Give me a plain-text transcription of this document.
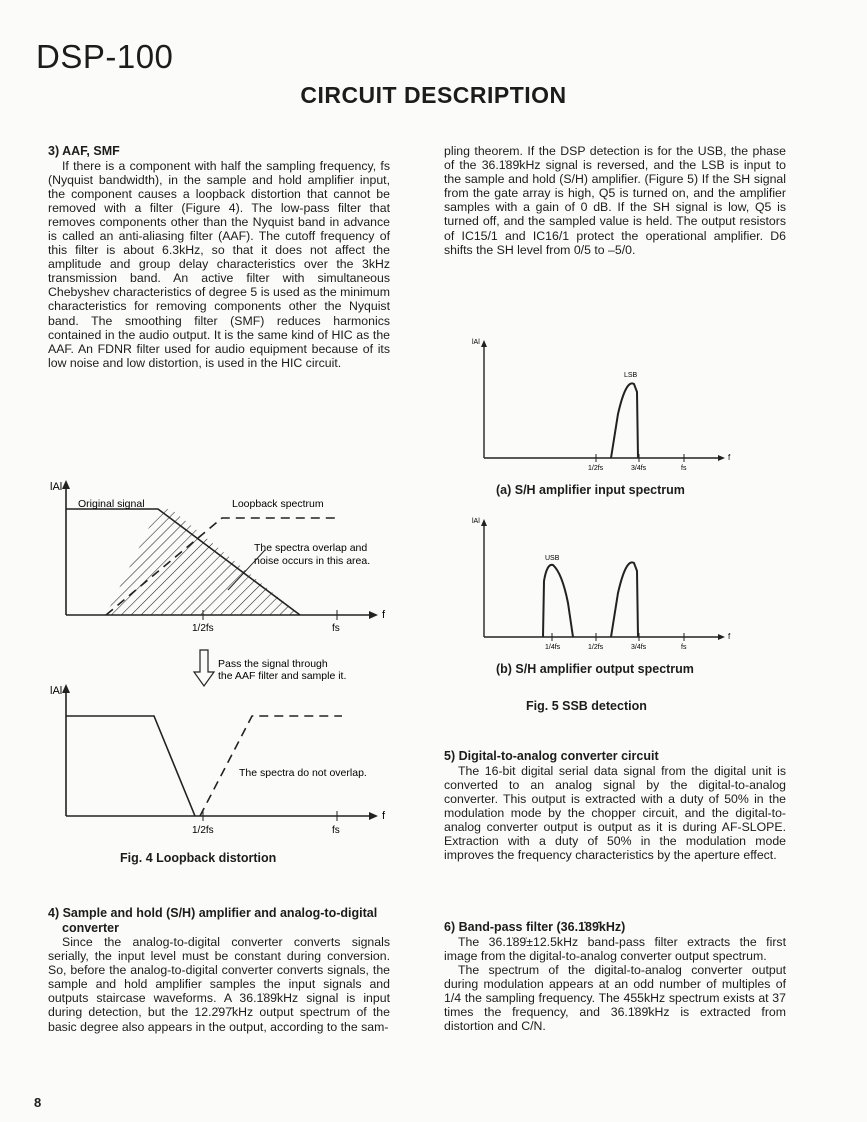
DSP-100
CIRCUIT DESCRIPTION
3) AAF, SMF

If there is a component with half the sampling frequency, fs (Nyquist bandwidth), in the sample and hold amplifier input, the component causes a loopback distortion that cannot be removed with a filter (Figure 4). The low-pass filter that removes components other than the Nyquist band in advance is called an anti-aliasing filter (AAF). The cutoff frequency of this filter is about 6.3kHz, so that it does not affect the amplitude and group delay characteristics over the 3kHz transmission band. An active filter with simultaneous Chebyshev characteristics of degree 5 is used as the minimum characteristics for removing components other the Nyquist band. The smoothing filter (SMF) reduces harmonics contained in the audio output. It is the same kind of HIC as the AAF. An FDNR filter used for audio equipment because of its low noise and low distortion, is used in the HIC circuit.

lAl
f
Original signal	Loopback spectrum
The spectra overlap and
noise occurs in this area.
1/2fs	fs
Pass the signal through
the AAF filter and sample it.
lAl
f
The spectra do not overlap.
1/2fs	fs
Fig. 4 Loopback distortion
4) Sample and hold (S/H) amplifier and analog-to-digital converter

Since the analog-to-digital converter converts signals serially, the input level must be constant during conversion. So, before the analog-to-digital converter converts signals, the sample and hold amplifier samples the input signals and outputs staircase waveforms. A 36.1̇89̇kHz signal is input during detection, but the 12.2̇97̇kHz output spectrum of the basic degree also appears in the output, according to the sam-

pling theorem. If the DSP detection is for the USB, the phase of the 36.1̇89̇kHz signal is reversed, and the LSB is input to the sample and hold (S/H) amplifier. (Figure 5) If the SH signal from the gate array is high, Q5 is turned on, and the amplifier samples with a gain of 0 dB. If the SH signal is low, Q5 is turned off, and the sampled value is held. The output resistors of IC15/1 and IC16/1 protect the operational amplifier. D6 shifts the SH level from 0/5 to –5/0.

lAl
f
LSB
1/2fs	3/4fs	fs
(a) S/H amplifier input spectrum
lAl
f
USB
1/4fs	1/2fs	3/4fs	fs
(b) S/H amplifier output spectrum
Fig. 5 SSB detection
5) Digital-to-analog converter circuit

The 16-bit digital serial data signal from the digital unit is converted to an analog signal by the digital-to-analog converter. This output is extracted with a duty of 50% in the modulation mode by the chopper circuit, and the digital-to-analog converter output is output as it is during AF-SLOPE. Extraction with a duty of 50% in the modulation mode improves the frequency characteristics by the aperture effect.

6) Band-pass filter (36.1̇89̇kHz)

The 36.1̇89̇±12.5kHz band-pass filter extracts the first image from the digital-to-analog converter output spectrum.

The spectrum of the digital-to-analog converter output during modulation appears at an odd number of multiples of 1/4 the sampling frequency. The 455kHz spectrum exists at 37 times the frequency, and 36.1̇89̇kHz is extracted from distortion and C/N.

8
